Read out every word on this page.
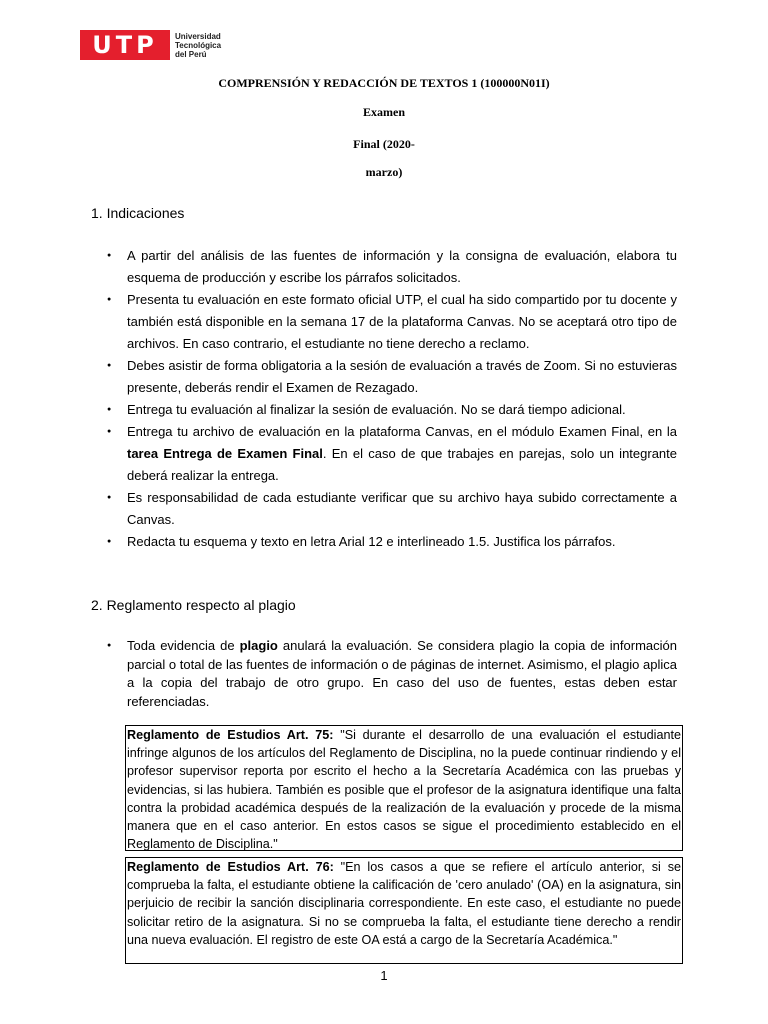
UTP	Universidad
Tecnológica
del Perú
COMPRENSIÓN Y REDACCIÓN DE TEXTOS 1 (100000N01I)
Examen
Final (2020-
marzo)
1. Indicaciones
● A partir del análisis de las fuentes de información y la consigna de evaluación, elabora tu esquema de producción y escribe los párrafos solicitados.
● Presenta tu evaluación en este formato oficial UTP, el cual ha sido compartido por tu docente y también está disponible en la semana 17 de la plataforma Canvas. No se aceptará otro tipo de archivos. En caso contrario, el estudiante no tiene derecho a reclamo.
● Debes asistir de forma obligatoria a la sesión de evaluación a través de Zoom. Si no estuvieras presente, deberás rendir el Examen de Rezagado.
● Entrega tu evaluación al finalizar la sesión de evaluación. No se dará tiempo adicional.
● Entrega tu archivo de evaluación en la plataforma Canvas, en el módulo Examen Final, en la tarea Entrega de Examen Final. En el caso de que trabajes en parejas, solo un integrante deberá realizar la entrega.
● Es responsabilidad de cada estudiante verificar que su archivo haya subido correctamente a Canvas.
● Redacta tu esquema y texto en letra Arial 12 e interlineado 1.5. Justifica los párrafos.
2. Reglamento respecto al plagio
● Toda evidencia de plagio anulará la evaluación. Se considera plagio la copia de información parcial o total de las fuentes de información o de páginas de internet. Asimismo, el plagio aplica a la copia del trabajo de otro grupo. En caso del uso de fuentes, estas deben estar referenciadas.
Reglamento de Estudios Art. 75: "Si durante el desarrollo de una evaluación el estudiante infringe algunos de los artículos del Reglamento de Disciplina, no la puede continuar rindiendo y el profesor supervisor reporta por escrito el hecho a la Secretaría Académica con las pruebas y evidencias, si las hubiera. También es posible que el profesor de la asignatura identifique una falta contra la probidad académica después de la realización de la evaluación y procede de la misma manera que en el caso anterior. En estos casos se sigue el procedimiento establecido en el Reglamento de Disciplina."
Reglamento de Estudios Art. 76: "En los casos a que se refiere el artículo anterior, si se comprueba la falta, el estudiante obtiene la calificación de 'cero anulado' (OA) en la asignatura, sin perjuicio de recibir la sanción disciplinaria correspondiente. En este caso, el estudiante no puede solicitar retiro de la asignatura. Si no se comprueba la falta, el estudiante tiene derecho a rendir una nueva evaluación. El registro de este OA está a cargo de la Secretaría Académica."
1
